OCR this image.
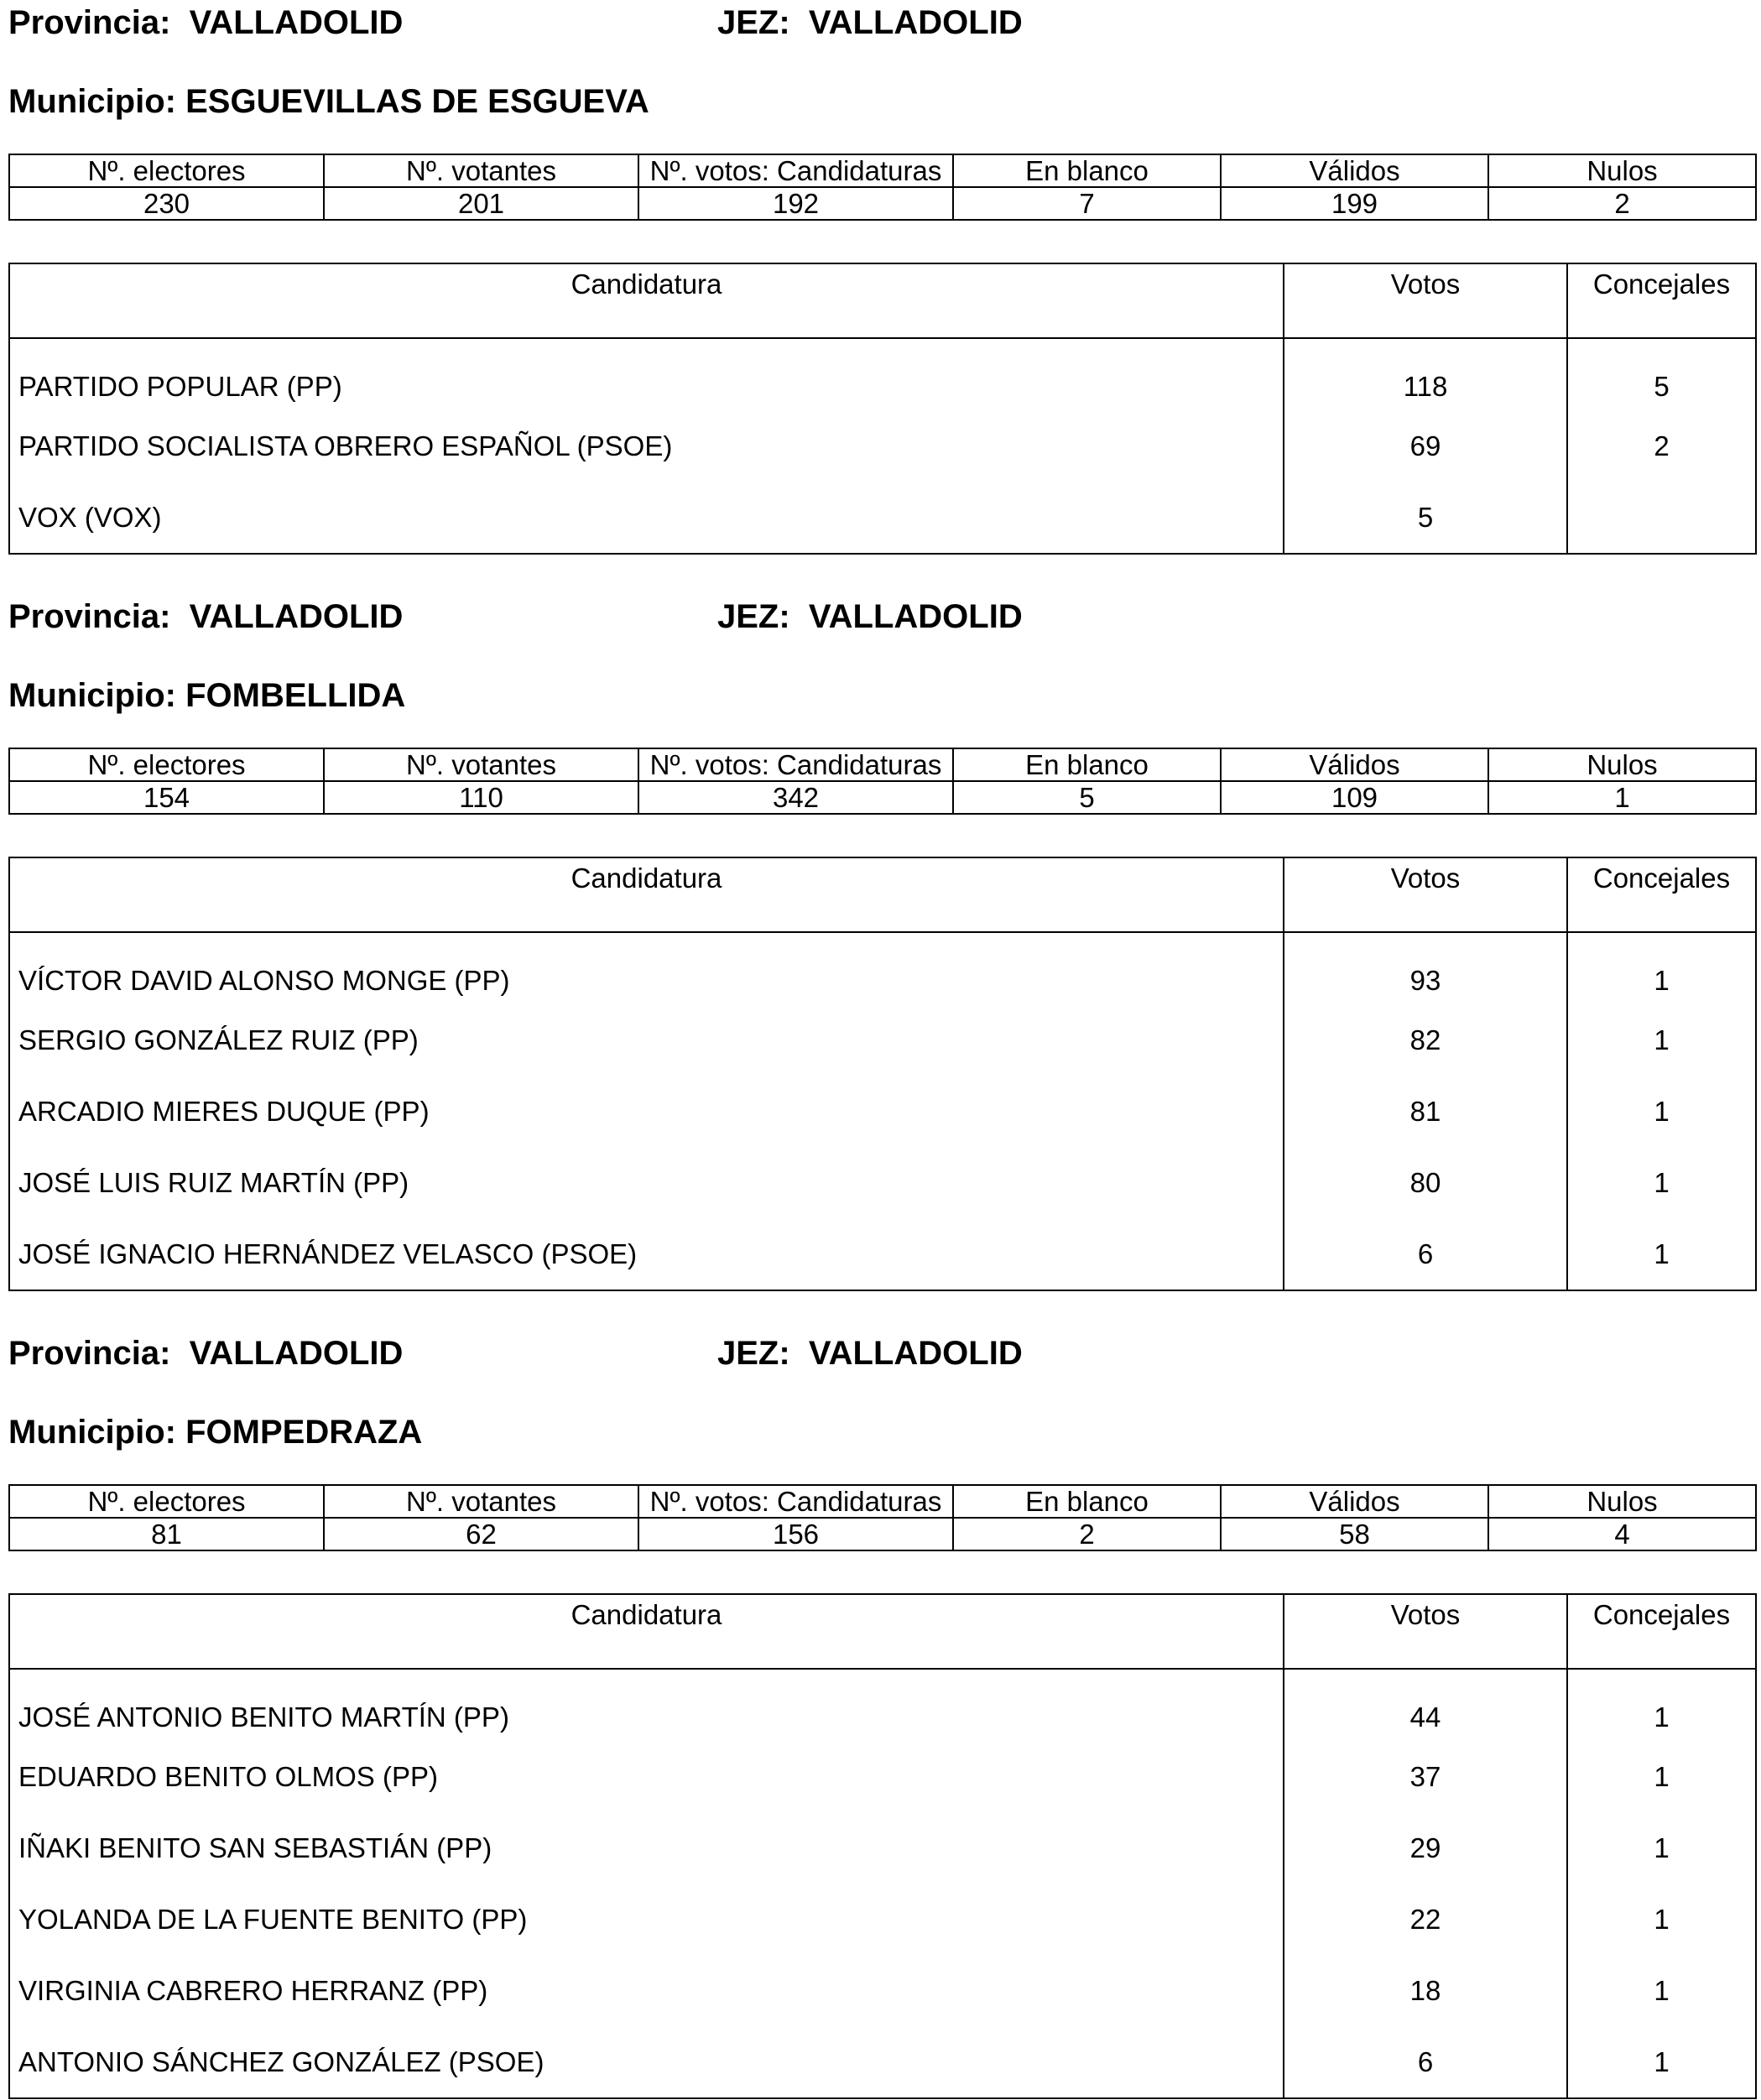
Provincia: VALLADOLID	JEZ: VALLADOLID
Municipio: ESGUEVILLAS DE ESGUEVA
Nº. electores	Nº. votantes	Nº. votos: Candidaturas	En blanco	Válidos	Nulos
230	201	192	7	199	2
Candidatura	Votos	Concejales
PARTIDO POPULAR (PP)	118	5
PARTIDO SOCIALISTA OBRERO ESPAÑOL (PSOE)	69	2
VOX (VOX)	5	
Provincia: VALLADOLID	JEZ: VALLADOLID
Municipio: FOMBELLIDA
Nº. electores	Nº. votantes	Nº. votos: Candidaturas	En blanco	Válidos	Nulos
154	110	342	5	109	1
Candidatura	Votos	Concejales
VÍCTOR DAVID ALONSO MONGE (PP)	93	1
SERGIO GONZÁLEZ RUIZ (PP)	82	1
ARCADIO MIERES DUQUE (PP)	81	1
JOSÉ LUIS RUIZ MARTÍN (PP)	80	1
JOSÉ IGNACIO HERNÁNDEZ VELASCO (PSOE)	6	1
Provincia: VALLADOLID	JEZ: VALLADOLID
Municipio: FOMPEDRAZA
Nº. electores	Nº. votantes	Nº. votos: Candidaturas	En blanco	Válidos	Nulos
81	62	156	2	58	4
Candidatura	Votos	Concejales
JOSÉ ANTONIO BENITO MARTÍN (PP)	44	1
EDUARDO BENITO OLMOS (PP)	37	1
IÑAKI BENITO SAN SEBASTIÁN (PP)	29	1
YOLANDA DE LA FUENTE BENITO (PP)	22	1
VIRGINIA CABRERO HERRANZ (PP)	18	1
ANTONIO SÁNCHEZ GONZÁLEZ (PSOE)	6	1
